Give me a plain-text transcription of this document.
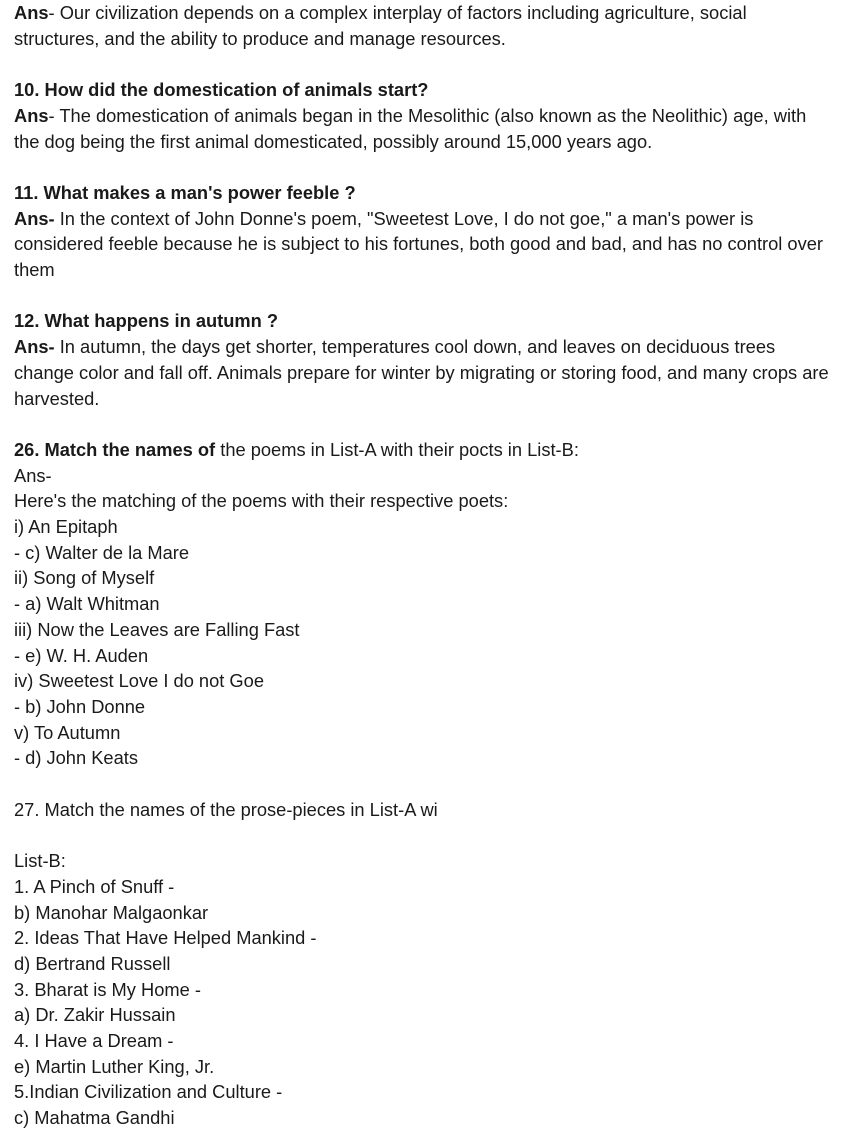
Ans- Our civilization depends on a complex interplay of factors including agriculture, social structures, and the ability to produce and manage resources.

10. How did the domestication of animals start?
Ans- The domestication of animals began in the Mesolithic (also known as the Neolithic) age, with the dog being the first animal domesticated, possibly around 15,000 years ago.

11. What makes a man's power feeble ?
Ans- In the context of John Donne's poem, "Sweetest Love, I do not goe," a man's power is considered feeble because he is subject to his fortunes, both good and bad, and has no control over them

12. What happens in autumn ?
Ans- In autumn, the days get shorter, temperatures cool down, and leaves on deciduous trees change color and fall off. Animals prepare for winter by migrating or storing food, and many crops are harvested.

26. Match the names of the poems in List-A with their pocts in List-B:
Ans-
Here's the matching of the poems with their respective poets:
i) An Epitaph
- c) Walter de la Mare
ii) Song of Myself
- a) Walt Whitman
iii) Now the Leaves are Falling Fast
- e) W. H. Auden
iv) Sweetest Love I do not Goe
- b) John Donne
v) To Autumn
- d) John Keats
27. Match the names of the prose-pieces in List-A wi
List-B:
1. A Pinch of Snuff -
b) Manohar Malgaonkar
2. Ideas That Have Helped Mankind -
d) Bertrand Russell
3. Bharat is My Home -
a) Dr. Zakir Hussain
4. I Have a Dream -
e) Martin Luther King, Jr.
5.Indian Civilization and Culture -
c) Mahatma Gandhi
